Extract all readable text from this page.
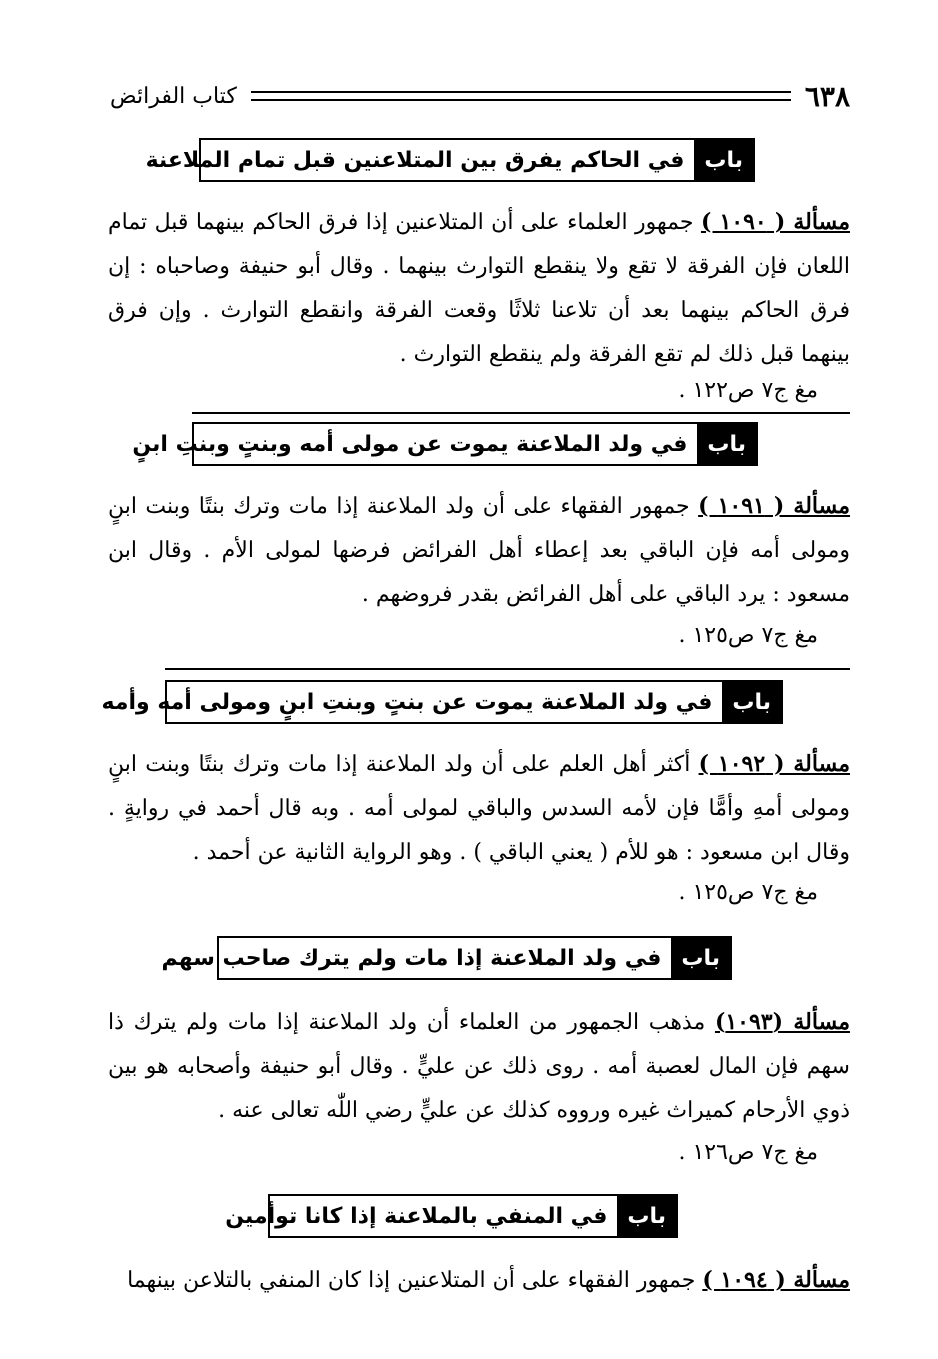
٦٣٨
كتاب الفرائض
باب
في الحاكم يفرق بين المتلاعنين قبل تمام الملاعنة
مسألة ( ١٠٩٠ ) جمهور العلماء على أن المتلاعنين إذا فرق الحاكم بينهما قبل تمام اللعان فإن الفرقة لا تقع ولا ينقطع التوارث بينهما . وقال أبو حنيفة وصاحباه : إن فرق الحاكم بينهما بعد أن تلاعنا ثلاثًا وقعت الفرقة وانقطع التوارث . وإن فرق بينهما قبل ذلك لم تقع الفرقة ولم ينقطع التوارث .
مغ ج٧ ص١٢٢ .
باب
في ولد الملاعنة يموت عن مولى أمه وبنتٍ وبنتِ ابنٍ
مسألة ( ١٠٩١ ) جمهور الفقهاء على أن ولد الملاعنة إذا مات وترك بنتًا وبنت ابنٍ ومولى أمه فإن الباقي بعد إعطاء أهل الفرائض فرضها لمولى الأم . وقال ابن مسعود : يرد الباقي على أهل الفرائض بقدر فروضهم .
مغ ج٧ ص١٢٥ .
باب
في ولد الملاعنة يموت عن بنتٍ وبنتِ ابنٍ ومولى أمه وأمه
مسألة ( ١٠٩٢ ) أكثر أهل العلم على أن ولد الملاعنة إذا مات وترك بنتًا وبنت ابنٍ ومولى أمهِ وأمًّا فإن لأمه السدس والباقي لمولى أمه . وبه قال أحمد في روايةٍ . وقال ابن مسعود : هو للأم ( يعني الباقي ) . وهو الرواية الثانية عن أحمد .
مغ ج٧ ص١٢٥ .
باب
في ولد الملاعنة إذا مات ولم يترك صاحب سهم
مسألة (١٠٩٣) مذهب الجمهور من العلماء أن ولد الملاعنة إذا مات ولم يترك ذا سهم فإن المال لعصبة أمه . روى ذلك عن عليٍّ . وقال أبو حنيفة وأصحابه هو بين ذوي الأرحام كميراث غيره ورووه كذلك عن عليٍّ رضي اللّٰه تعالى عنه .
مغ ج٧ ص١٢٦ .
باب
في المنفي بالملاعنة إذا كانا توأمين
مسألة ( ١٠٩٤ ) جمهور الفقهاء على أن المتلاعنين إذا كان المنفي بالتلاعن بينهما
